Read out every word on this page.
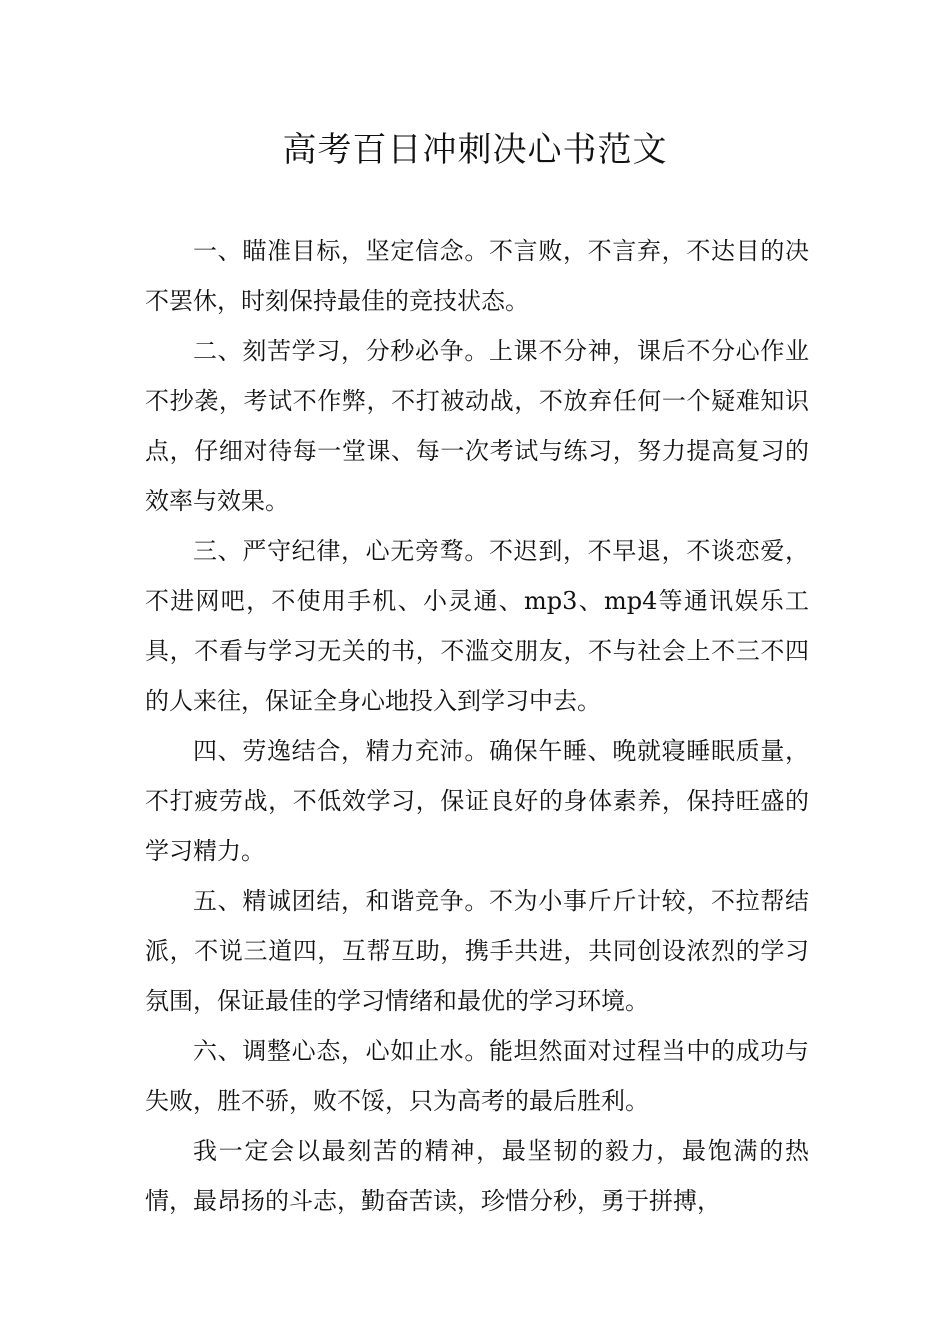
高考百日冲刺决心书范文

一、瞄准目标，坚定信念。不言败，不言弃，不达目的决不罢休，时刻保持最佳的竞技状态。

二、刻苦学习，分秒必争。上课不分神，课后不分心作业不抄袭，考试不作弊，不打被动战，不放弃任何一个疑难知识点，仔细对待每一堂课、每一次考试与练习，努力提高复习的效率与效果。

三、严守纪律，心无旁骛。不迟到，不早退，不谈恋爱，不进网吧，不使用手机、小灵通、mp3、mp4等通讯娱乐工具，不看与学习无关的书，不滥交朋友，不与社会上不三不四的人来往，保证全身心地投入到学习中去。

四、劳逸结合，精力充沛。确保午睡、晚就寝睡眠质量，不打疲劳战，不低效学习，保证良好的身体素养，保持旺盛的学习精力。

五、精诚团结，和谐竞争。不为小事斤斤计较，不拉帮结派，不说三道四，互帮互助，携手共进，共同创设浓烈的学习氛围，保证最佳的学习情绪和最优的学习环境。

六、调整心态，心如止水。能坦然面对过程当中的成功与失败，胜不骄，败不馁，只为高考的最后胜利。

我一定会以最刻苦的精神，最坚韧的毅力，最饱满的热情，最昂扬的斗志，勤奋苦读，珍惜分秒，勇于拼搏，
